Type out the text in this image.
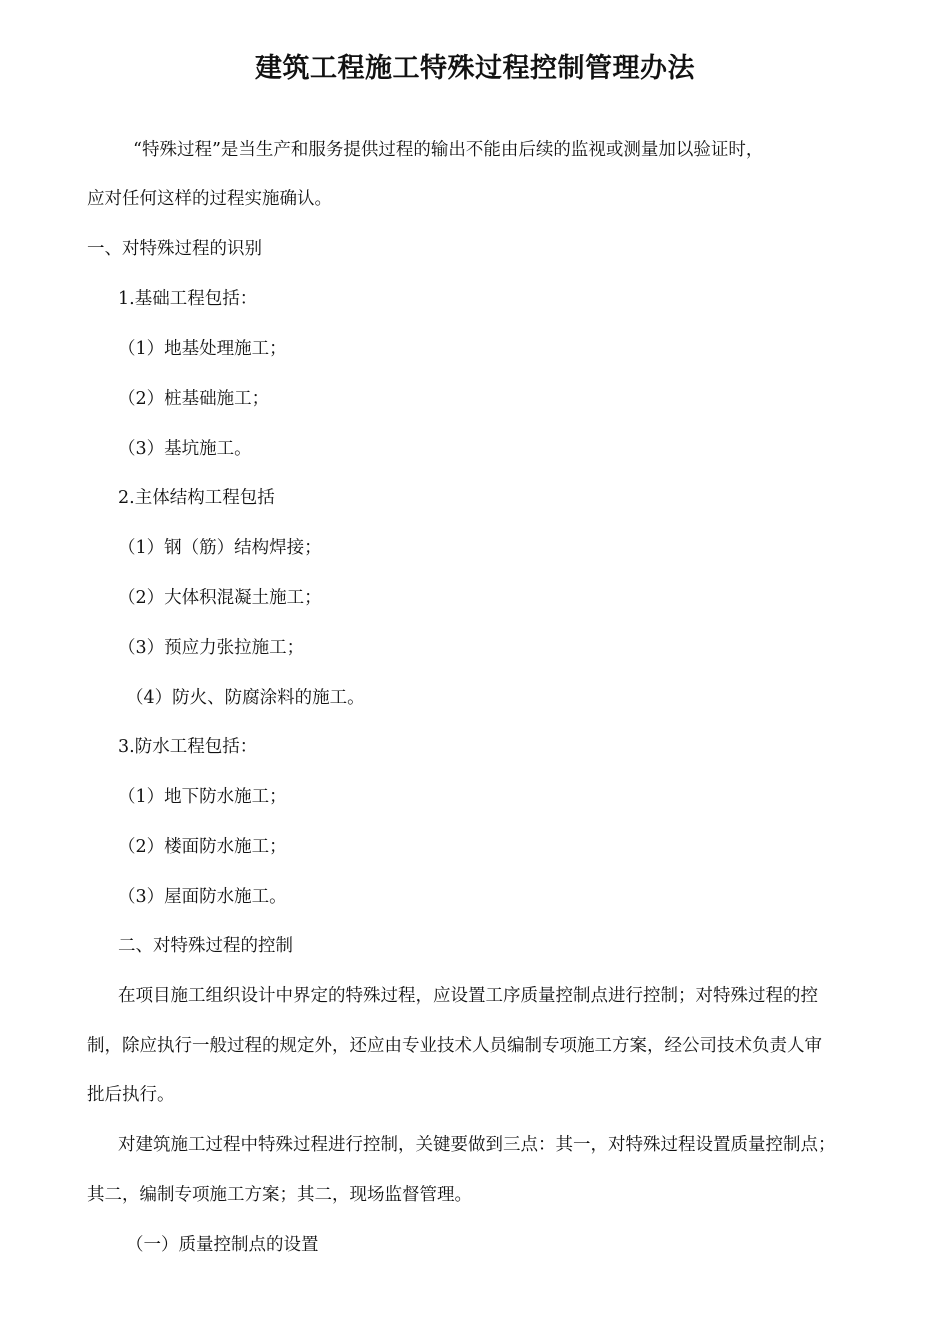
建筑工程施工特殊过程控制管理办法
“特殊过程”是当生产和服务提供过程的输出不能由后续的监视或测量加以验证时，
应对任何这样的过程实施确认。
一、对特殊过程的识别
1.基础工程包括：
（1）地基处理施工；
（2）桩基础施工；
（3）基坑施工。
2.主体结构工程包括
（1）钢（筋）结构焊接；
（2）大体积混凝土施工；
（3）预应力张拉施工；
（4）防火、防腐涂料的施工。
3.防水工程包括：
（1）地下防水施工；
（2）楼面防水施工；
（3）屋面防水施工。
二、对特殊过程的控制
在项目施工组织设计中界定的特殊过程，应设置工序质量控制点进行控制；对特殊过程的控
制，除应执行一般过程的规定外，还应由专业技术人员编制专项施工方案，经公司技术负责人审
批后执行。
对建筑施工过程中特殊过程进行控制，关键要做到三点：其一，对特殊过程设置质量控制点；
其二，编制专项施工方案；其二，现场监督管理。
（一）质量控制点的设置
